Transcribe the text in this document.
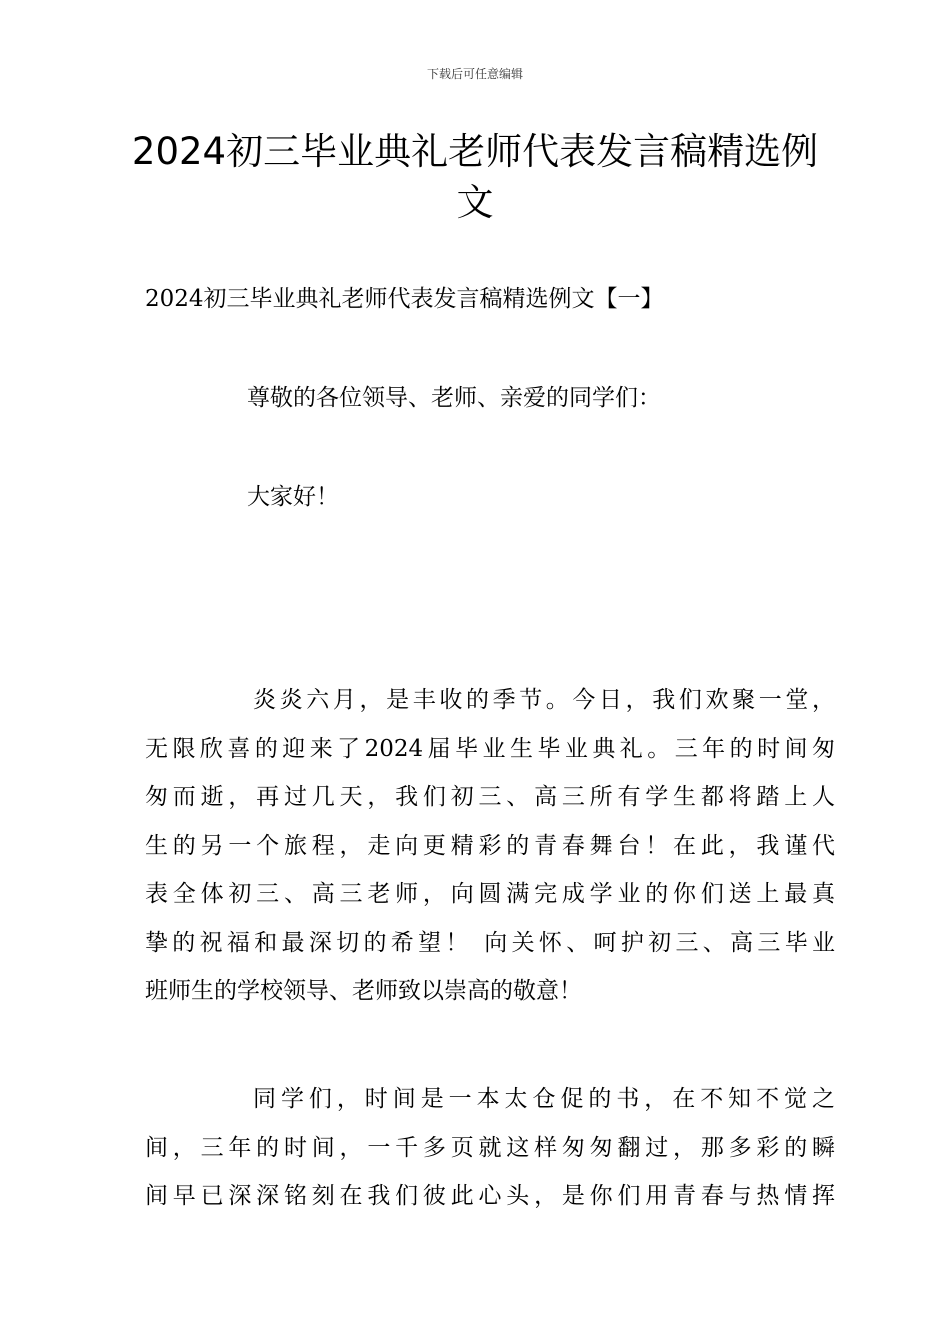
下载后可任意编辑
2024初三毕业典礼老师代表发言稿精选例
文
2024初三毕业典礼老师代表发言稿精选例文【一】

尊敬的各位领导、老师、亲爱的同学们：

大家好！

炎炎六月，是丰收的季节。今日，我们欢聚一堂，
无限欣喜的迎来了2024届毕业生毕业典礼。三年的时间匆
匆而逝，再过几天，我们初三、高三所有学生都将踏上人
生的另一个旅程，走向更精彩的青春舞台！在此，我谨代
表全体初三、高三老师，向圆满完成学业的你们送上最真
挚的祝福和最深切的希望！ 向关怀、呵护初三、高三毕业
班师生的学校领导、老师致以崇高的敬意！

同学们，时间是一本太仓促的书，在不知不觉之
间，三年的时间，一千多页就这样匆匆翻过，那多彩的瞬
间早已深深铭刻在我们彼此心头，是你们用青春与热情挥
